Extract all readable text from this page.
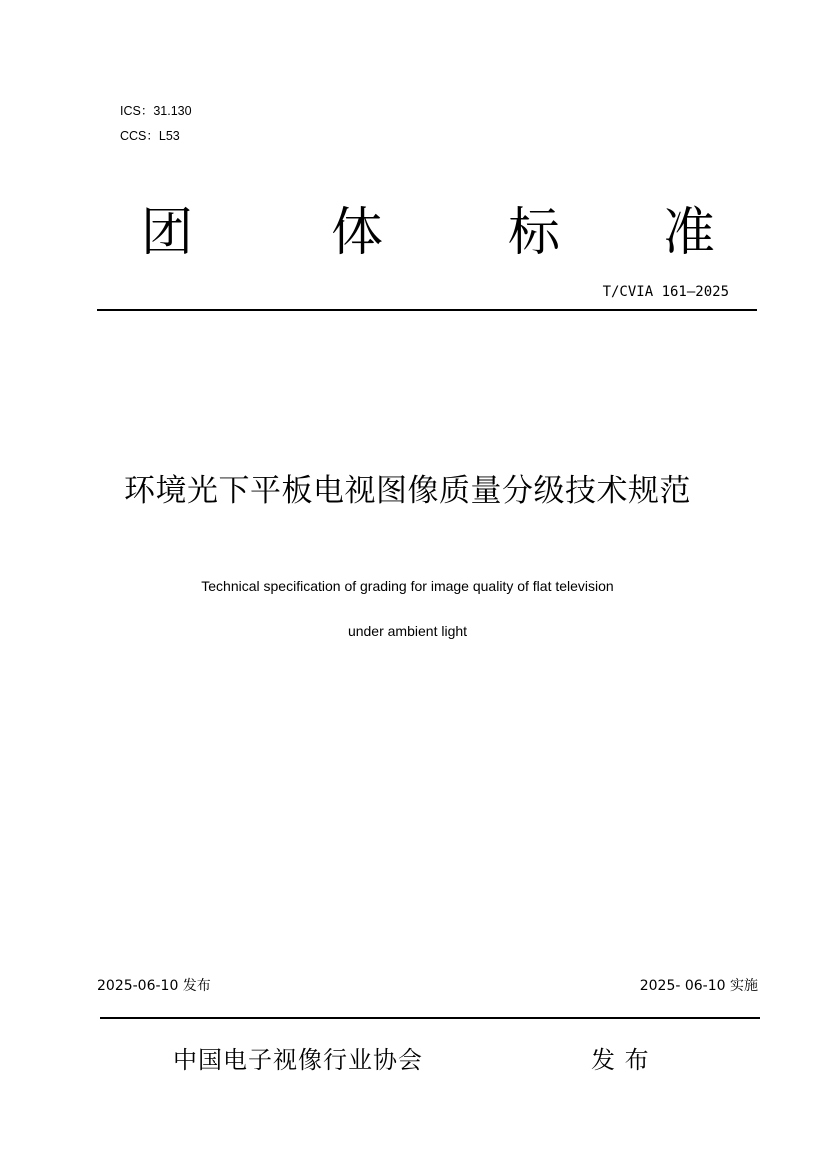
ICS：31.130
CCS：L53
团	体 标 准
T/CVIA 161—2025
环境光下平板电视图像质量分级技术规范
Technical specification of grading for image quality of flat television
under ambient light
2025-06-10 发布	2025- 06-10 实施
中国电子视像行业协会	发 布
